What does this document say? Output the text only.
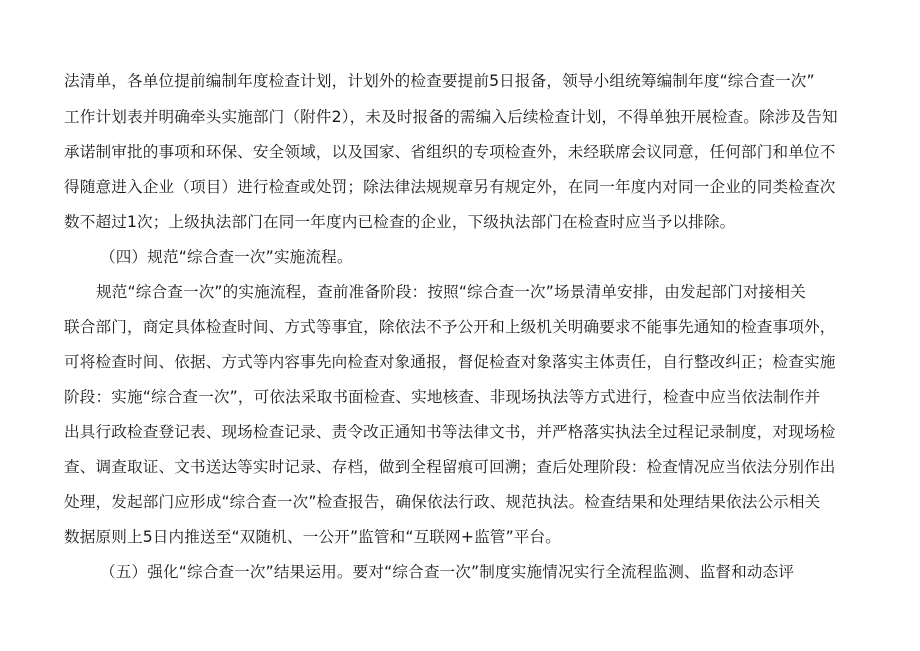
法清单，各单位提前编制年度检查计划，计划外的检查要提前5日报备，领导小组统筹编制年度“综合查一次”
工作计划表并明确牵头实施部门（附件2），未及时报备的需编入后续检查计划，不得单独开展检查。除涉及告知
承诺制审批的事项和环保、安全领域，以及国家、省组织的专项检查外，未经联席会议同意，任何部门和单位不
得随意进入企业（项目）进行检查或处罚；除法律法规规章另有规定外，在同一年度内对同一企业的同类检查次
数不超过1次；上级执法部门在同一年度内已检查的企业，下级执法部门在检查时应当予以排除。
（四）规范“综合查一次”实施流程。
规范“综合查一次”的实施流程，查前准备阶段：按照“综合查一次”场景清单安排，由发起部门对接相关
联合部门，商定具体检查时间、方式等事宜，除依法不予公开和上级机关明确要求不能事先通知的检查事项外，
可将检查时间、依据、方式等内容事先向检查对象通报，督促检查对象落实主体责任，自行整改纠正；检查实施
阶段：实施“综合查一次”，可依法采取书面检查、实地核查、非现场执法等方式进行，检查中应当依法制作并
出具行政检查登记表、现场检查记录、责令改正通知书等法律文书，并严格落实执法全过程记录制度，对现场检
查、调查取证、文书送达等实时记录、存档，做到全程留痕可回溯；查后处理阶段：检查情况应当依法分别作出
处理，发起部门应形成“综合查一次”检查报告，确保依法行政、规范执法。检查结果和处理结果依法公示相关
数据原则上5日内推送至“双随机、一公开”监管和“互联网+监管”平台。
（五）强化“综合查一次”结果运用。要对“综合查一次”制度实施情况实行全流程监测、监督和动态评
